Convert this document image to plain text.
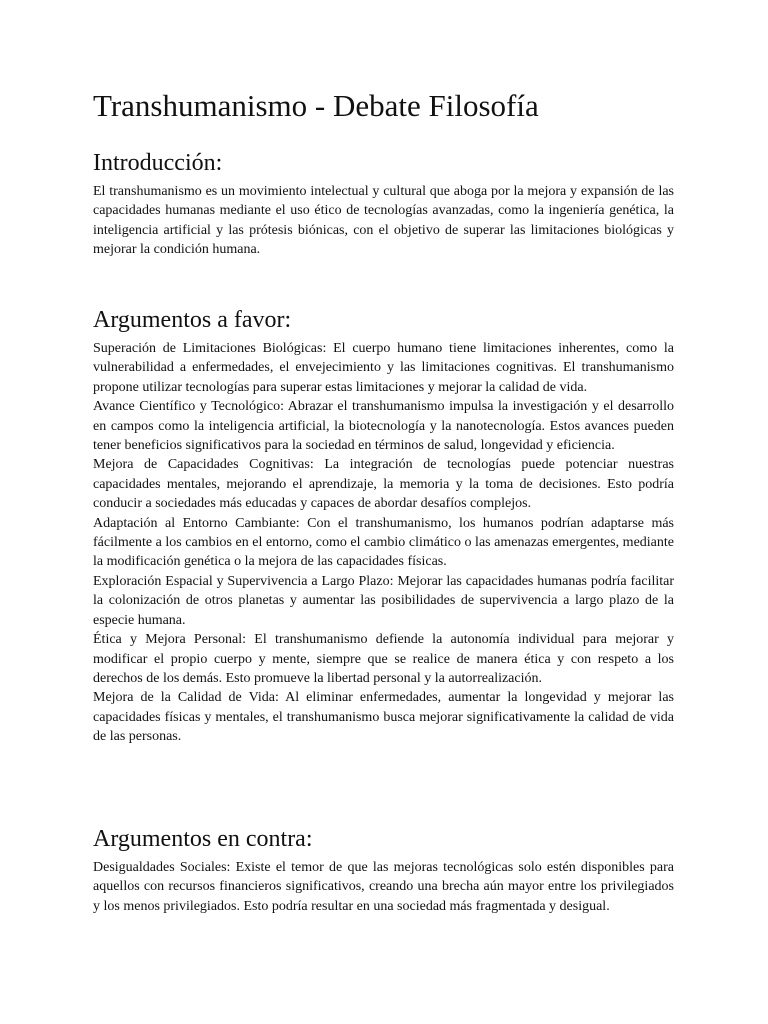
Transhumanismo - Debate Filosofía
Introducción:

El transhumanismo es un movimiento intelectual y cultural que aboga por la mejora y expansión de las capacidades humanas mediante el uso ético de tecnologías avanzadas, como la ingeniería genética, la inteligencia artificial y las prótesis biónicas, con el objetivo de superar las limitaciones biológicas y mejorar la condición humana.

Argumentos a favor:

Superación de Limitaciones Biológicas: El cuerpo humano tiene limitaciones inherentes, como la vulnerabilidad a enfermedades, el envejecimiento y las limitaciones cognitivas. El transhumanismo propone utilizar tecnologías para superar estas limitaciones y mejorar la calidad de vida.

Avance Científico y Tecnológico: Abrazar el transhumanismo impulsa la investigación y el desarrollo en campos como la inteligencia artificial, la biotecnología y la nanotecnología. Estos avances pueden tener beneficios significativos para la sociedad en términos de salud, longevidad y eficiencia.

Mejora de Capacidades Cognitivas: La integración de tecnologías puede potenciar nuestras capacidades mentales, mejorando el aprendizaje, la memoria y la toma de decisiones. Esto podría conducir a sociedades más educadas y capaces de abordar desafíos complejos.

Adaptación al Entorno Cambiante: Con el transhumanismo, los humanos podrían adaptarse más fácilmente a los cambios en el entorno, como el cambio climático o las amenazas emergentes, mediante la modificación genética o la mejora de las capacidades físicas.

Exploración Espacial y Supervivencia a Largo Plazo: Mejorar las capacidades humanas podría facilitar la colonización de otros planetas y aumentar las posibilidades de supervivencia a largo plazo de la especie humana.

Ética y Mejora Personal: El transhumanismo defiende la autonomía individual para mejorar y modificar el propio cuerpo y mente, siempre que se realice de manera ética y con respeto a los derechos de los demás. Esto promueve la libertad personal y la autorrealización.

Mejora de la Calidad de Vida: Al eliminar enfermedades, aumentar la longevidad y mejorar las capacidades físicas y mentales, el transhumanismo busca mejorar significativamente la calidad de vida de las personas.

Argumentos en contra:

Desigualdades Sociales: Existe el temor de que las mejoras tecnológicas solo estén disponibles para aquellos con recursos financieros significativos, creando una brecha aún mayor entre los privilegiados y los menos privilegiados. Esto podría resultar en una sociedad más fragmentada y desigual.
